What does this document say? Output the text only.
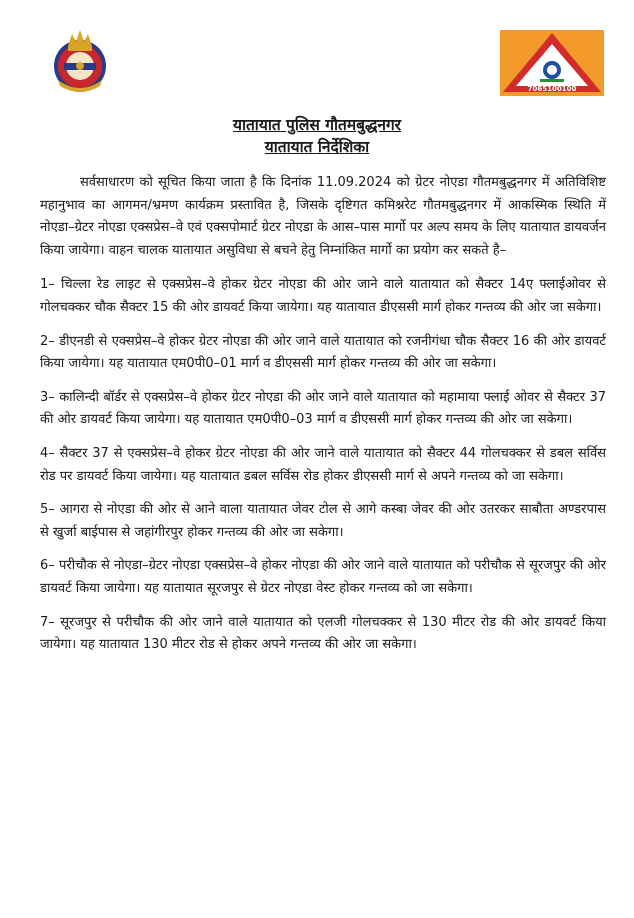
7065100100
यातायात पुलिस गौतमबुद्धनगर
यातायात निर्देशिका

सर्वसाधारण को सूचित किया जाता है कि दिनांक 11.09.2024 को ग्रेटर नोएडा गौतमबुद्धनगर में अतिविशिष्ट महानुभाव का आगमन/भ्रमण कार्यक्रम प्रस्तावित है, जिसके दृष्टिगत कमिश्नरेट गौतमबुद्धनगर में आकस्मिक स्थिति में नोएडा–ग्रेटर नोएडा एक्सप्रेस–वे एवं एक्सपोमार्ट ग्रेटर नोएडा के आस–पास मार्गो पर अल्प समय के लिए यातायात डायवर्जन किया जायेगा। वाहन चालक यातायात असुविधा से बचने हेतु निम्नांकित मार्गो का प्रयोग कर सकते है–

1– चिल्ला रेड लाइट से एक्सप्रेस–वे होकर ग्रेटर नोएडा की ओर जाने वाले यातायात को सैक्टर 14ए फ्लाईओवर से गोलचक्कर चौक सैक्टर 15 की ओर डायवर्ट किया जायेगा। यह यातायात डीएससी मार्ग होकर गन्तव्य की ओर जा सकेगा।

2– डीएनडी से एक्सप्रेस–वे होकर ग्रेटर नोएडा की ओर जाने वाले यातायात को रजनीगंधा चौक सैक्टर 16 की ओर डायवर्ट किया जायेगा। यह यातायात एम0पी0–01 मार्ग व डीएससी मार्ग होकर गन्तव्य की ओर जा सकेगा।

3– कालिन्दी बॉर्डर से एक्सप्रेस–वे होकर ग्रेटर नोएडा की ओर जाने वाले यातायात को महामाया फ्लाई ओवर से सैक्टर 37 की ओर डायवर्ट किया जायेगा। यह यातायात एम0पी0–03 मार्ग व डीएससी मार्ग होकर गन्तव्य की ओर जा सकेगा।

4– सैक्टर 37 से एक्सप्रेस–वे होकर ग्रेटर नोएडा की ओर जाने वाले यातायात को सैक्टर 44 गोलचक्कर से डबल सर्विस रोड पर डायवर्ट किया जायेगा। यह यातायात डबल सर्विस रोड होकर डीएससी मार्ग से अपने गन्तव्य को जा सकेगा।

5– आगरा से नोएडा की ओर से आने वाला यातायात जेवर टोल से आगे कस्बा जेवर की ओर उतरकर साबौता अण्डरपास से खुर्जा बाईपास से जहांगीरपुर होकर गन्तव्य की ओर जा सकेगा।

6– परीचौक से नोएडा–ग्रेटर नोएडा एक्सप्रेस–वे होकर नोएडा की ओर जाने वाले यातायात को परीचौक से सूरजपुर की ओर डायवर्ट किया जायेगा। यह यातायात सूरजपुर से ग्रेटर नोएडा वेस्ट होकर गन्तव्य को जा सकेगा।

7– सूरजपुर से परीचौक की ओर जाने वाले यातायात को एलजी गोलचक्कर से 130 मीटर रोड की ओर डायवर्ट किया जायेगा। यह यातायात 130 मीटर रोड से होकर अपने गन्तव्य की ओर जा सकेगा।
